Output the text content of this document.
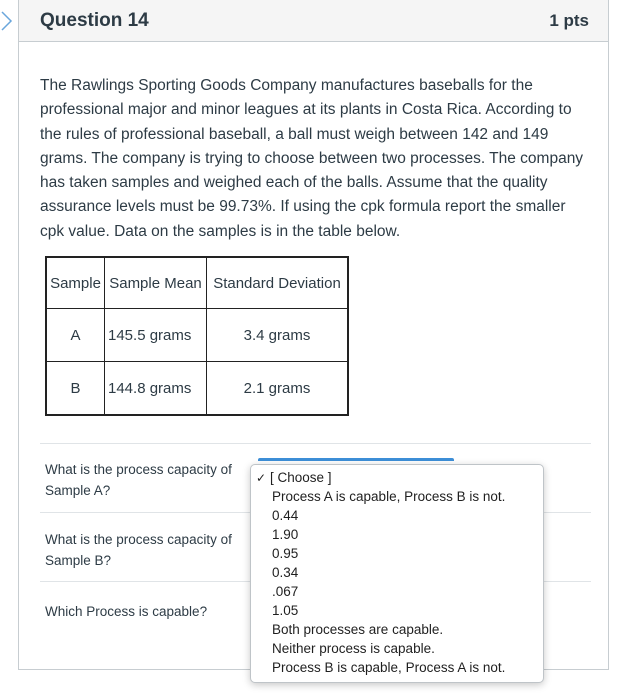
Question 14	1 pts
The Rawlings Sporting Goods Company manufactures baseballs for the professional major and minor leagues at its plants in Costa Rica. According to the rules of professional baseball, a ball must weigh between 142 and 149 grams. The company is trying to choose between two processes. The company has taken samples and weighed each of the balls. Assume that the quality assurance levels must be 99.73%. If using the cpk formula report the smaller cpk value. Data on the samples is in the table below.
Sample	Sample Mean	Standard Deviation
A	145.5 grams	3.4 grams
B	144.8 grams	2.1 grams
What is the process capacity of Sample A?
What is the process capacity of Sample B?
Which Process is capable?
✓ [ Choose ]
Process A is capable, Process B is not.
0.44
1.90
0.95
0.34
.067
1.05
Both processes are capable.
Neither process is capable.
Process B is capable, Process A is not.
